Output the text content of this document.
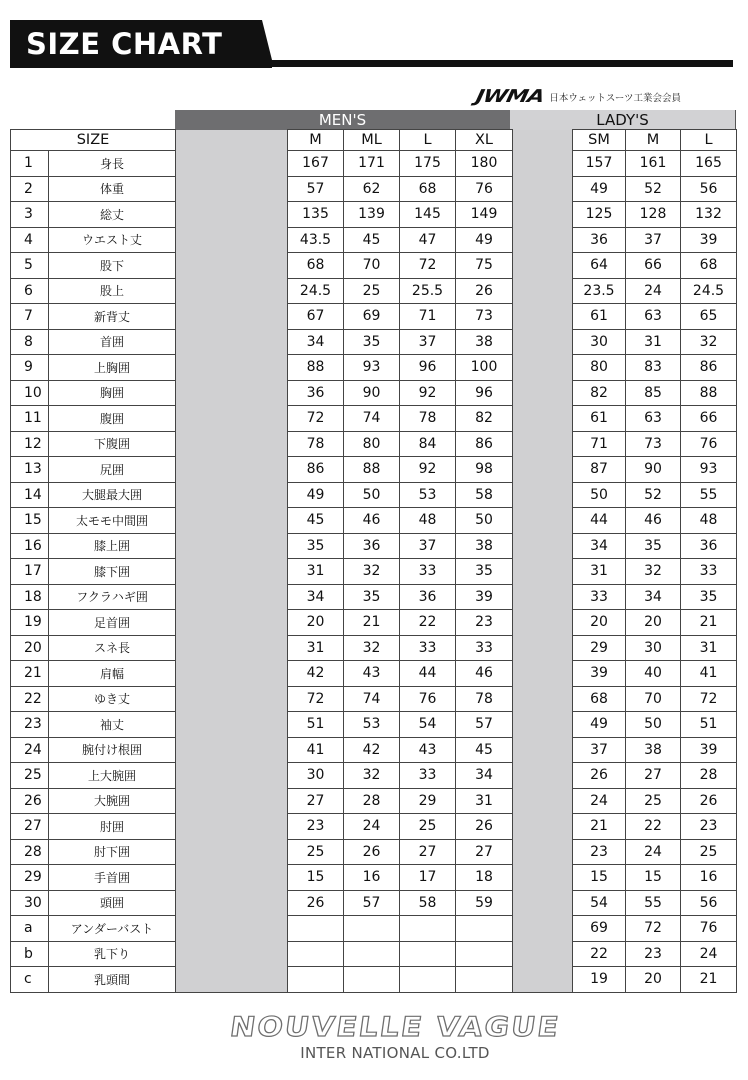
SIZE CHART
JWMA 日本ウェットスーツ工業会会員
MEN'S	LADY'S
SIZE			M	ML	L	XL		SM	M	L
1	身長		167	171	175	180		157	161	165
2	体重		57	62	68	76		49	52	56
3	総丈		135	139	145	149		125	128	132
4	ウエスト丈		43.5	45	47	49		36	37	39
5	股下		68	70	72	75		64	66	68
6	股上		24.5	25	25.5	26		23.5	24	24.5
7	新背丈		67	69	71	73		61	63	65
8	首囲		34	35	37	38		30	31	32
9	上胸囲		88	93	96	100		80	83	86
10	胸囲		36	90	92	96		82	85	88
11	腹囲		72	74	78	82		61	63	66
12	下腹囲		78	80	84	86		71	73	76
13	尻囲		86	88	92	98		87	90	93
14	大腿最大囲		49	50	53	58		50	52	55
15	太モモ中間囲		45	46	48	50		44	46	48
16	膝上囲		35	36	37	38		34	35	36
17	膝下囲		31	32	33	35		31	32	33
18	フクラハギ囲		34	35	36	39		33	34	35
19	足首囲		20	21	22	23		20	20	21
20	スネ長		31	32	33	33		29	30	31
21	肩幅		42	43	44	46		39	40	41
22	ゆき丈		72	74	76	78		68	70	72
23	袖丈		51	53	54	57		49	50	51
24	腕付け根囲		41	42	43	45		37	38	39
25	上大腕囲		30	32	33	34		26	27	28
26	大腕囲		27	28	29	31		24	25	26
27	肘囲		23	24	25	26		21	22	23
28	肘下囲		25	26	27	27		23	24	25
29	手首囲		15	16	17	18		15	15	16
30	頭囲		26	57	58	59		54	55	56
a	アンダーバスト							69	72	76
b	乳下り							22	23	24
c	乳頭間							19	20	21
NOUVELLE VAGUE
INTER NATIONAL CO.LTD
